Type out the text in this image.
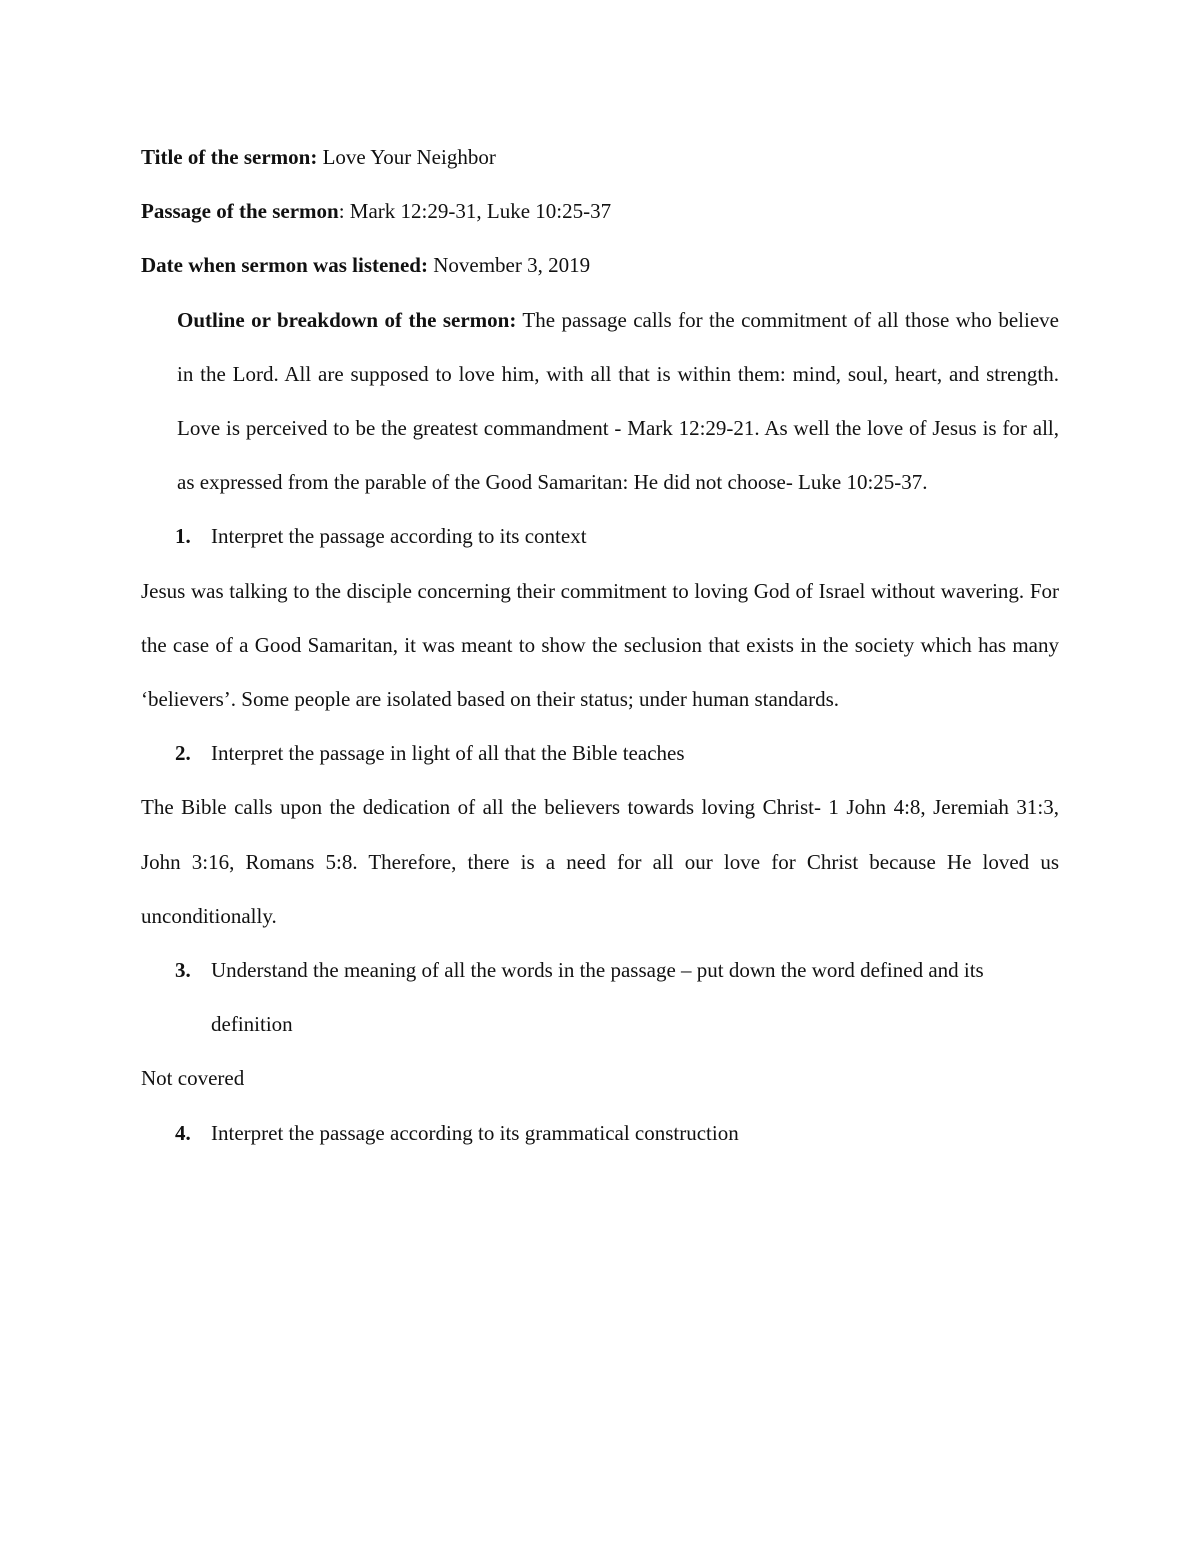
Title of the sermon: Love Your Neighbor

Passage of the sermon: Mark 12:29-31, Luke 10:25-37

Date when sermon was listened: November 3, 2019

Outline or breakdown of the sermon: The passage calls for the commitment of all those who believe in the Lord. All are supposed to love him, with all that is within them: mind, soul, heart, and strength. Love is perceived to be the greatest commandment - Mark 12:29-21. As well the love of Jesus is for all, as expressed from the parable of the Good Samaritan: He did not choose- Luke 10:25-37.

1. Interpret the passage according to its context

Jesus was talking to the disciple concerning their commitment to loving God of Israel without wavering. For the case of a Good Samaritan, it was meant to show the seclusion that exists in the society which has many ‘believers’. Some people are isolated based on their status; under human standards.

2. Interpret the passage in light of all that the Bible teaches

The Bible calls upon the dedication of all the believers towards loving Christ- 1 John 4:8, Jeremiah 31:3, John 3:16, Romans 5:8. Therefore, there is a need for all our love for Christ because He loved us unconditionally.

3. Understand the meaning of all the words in the passage – put down the word defined and its definition

Not covered

4. Interpret the passage according to its grammatical construction
